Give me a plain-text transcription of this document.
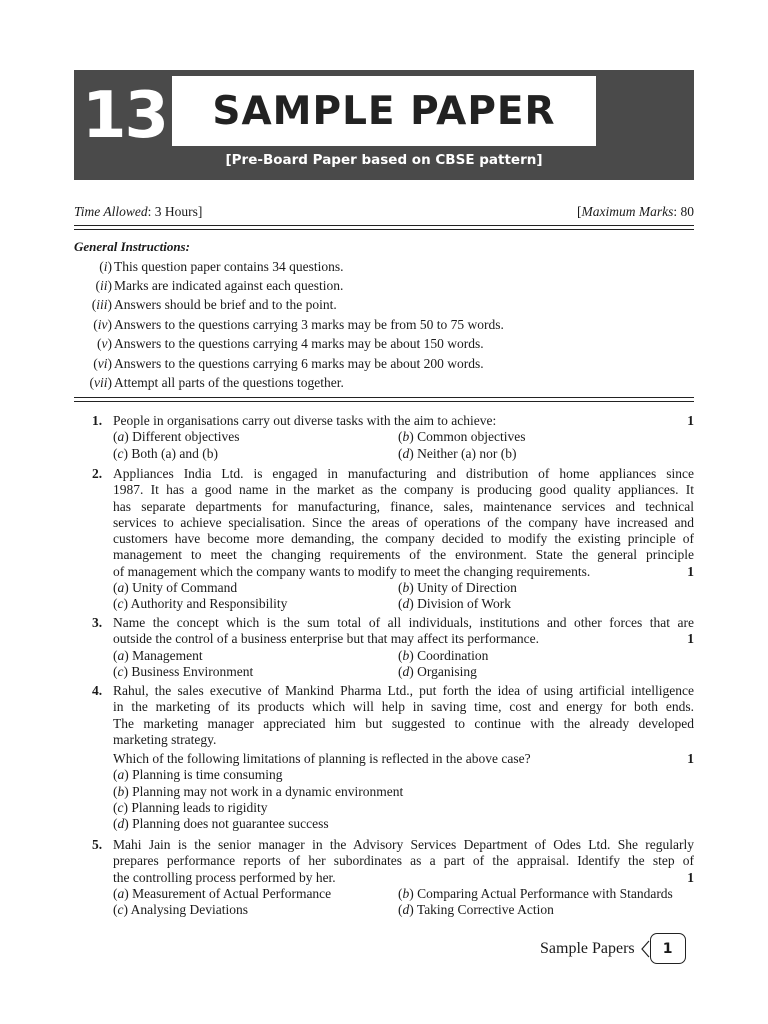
13 SAMPLE PAPER
[Pre-Board Paper based on CBSE pattern]
Time Allowed: 3 Hours]	[Maximum Marks: 80
General Instructions:
(i) This question paper contains 34 questions.
(ii) Marks are indicated against each question.
(iii) Answers should be brief and to the point.
(iv) Answers to the questions carrying 3 marks may be from 50 to 75 words.
(v) Answers to the questions carrying 4 marks may be about 150 words.
(vi) Answers to the questions carrying 6 marks may be about 200 words.
(vii) Attempt all parts of the questions together.
1. People in organisations carry out diverse tasks with the aim to achieve:	1
(a) Different objectives	(b) Common objectives
(c) Both (a) and (b)	(d) Neither (a) nor (b)
2. Appliances India Ltd. is engaged in manufacturing and distribution of home appliances since
1987. It has a good name in the market as the company is producing good quality appliances. It
has separate departments for manufacturing, finance, sales, maintenance services and technical
services to achieve specialisation. Since the areas of operations of the company have increased and
customers have become more demanding, the company decided to modify the existing principle of
management to meet the changing requirements of the environment. State the general principle
of management which the company wants to modify to meet the changing requirements.	1
(a) Unity of Command	(b) Unity of Direction
(c) Authority and Responsibility	(d) Division of Work
3. Name the concept which is the sum total of all individuals, institutions and other forces that are
outside the control of a business enterprise but that may affect its performance.	1
(a) Management	(b) Coordination
(c) Business Environment	(d) Organising
4. Rahul, the sales executive of Mankind Pharma Ltd., put forth the idea of using artificial intelligence
in the marketing of its products which will help in saving time, cost and energy for both ends.
The marketing manager appreciated him but suggested to continue with the already developed
marketing strategy.
Which of the following limitations of planning is reflected in the above case?	1
(a) Planning is time consuming
(b) Planning may not work in a dynamic environment
(c) Planning leads to rigidity
(d) Planning does not guarantee success
5. Mahi Jain is the senior manager in the Advisory Services Department of Odes Ltd. She regularly
prepares performance reports of her subordinates as a part of the appraisal. Identify the step of
the controlling process performed by her.	1
(a) Measurement of Actual Performance	(b) Comparing Actual Performance with Standards
(c) Analysing Deviations	(d) Taking Corrective Action
Sample Papers	1
